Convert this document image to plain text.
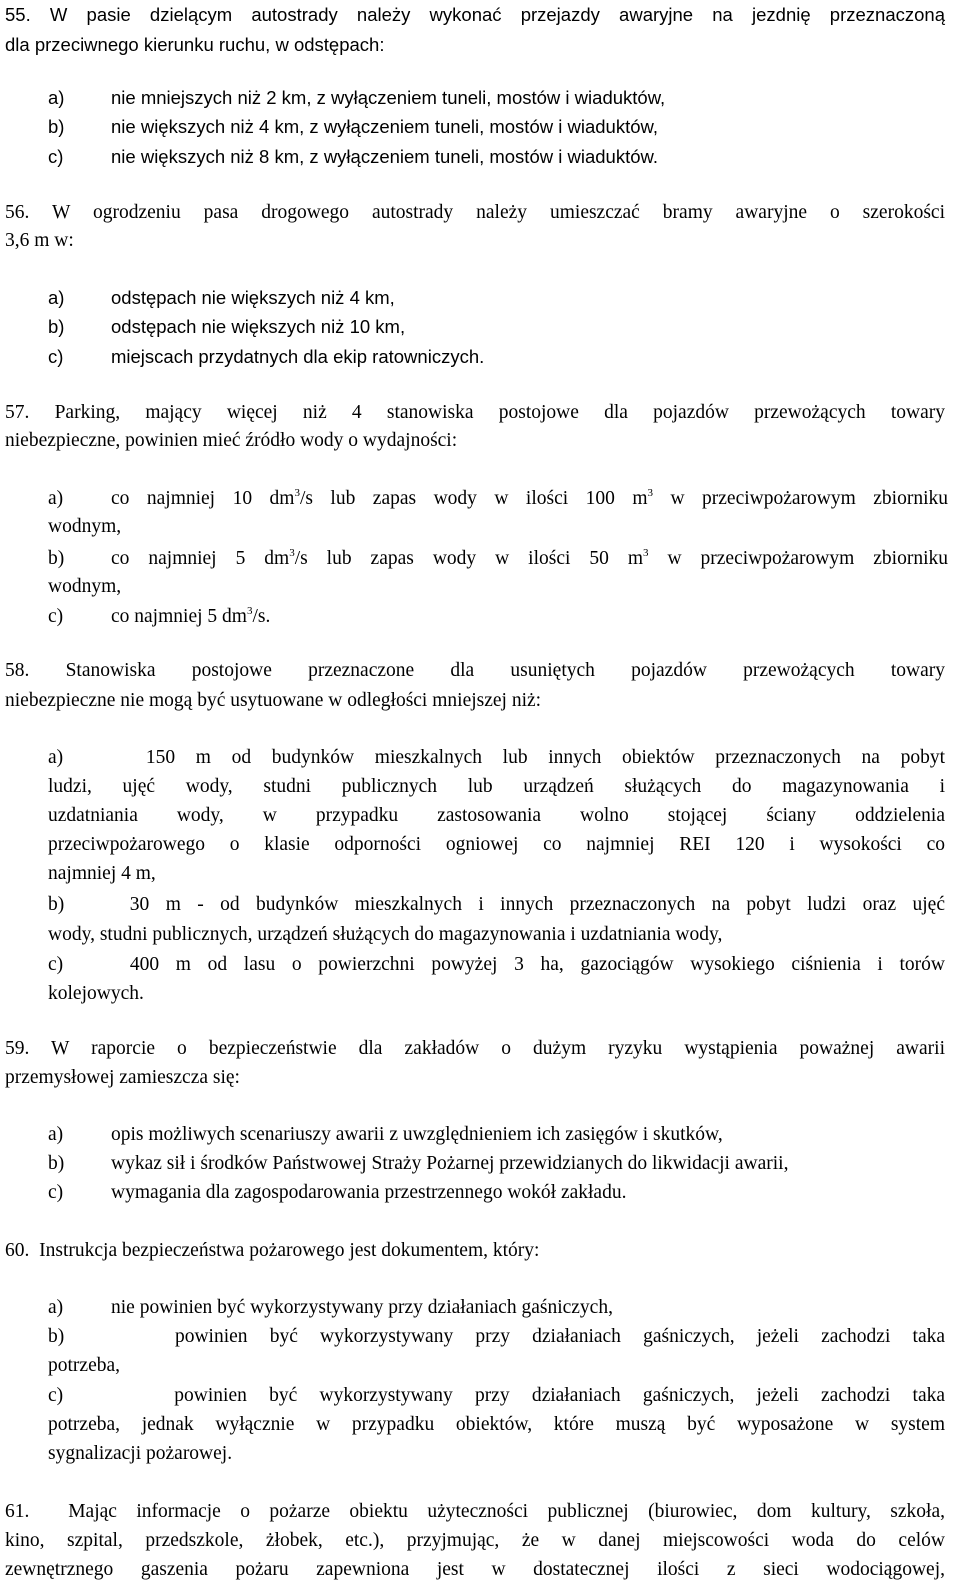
55. W pasie dzielącym autostrady należy wykonać przejazdy awaryjne na jezdnię przeznaczoną
dla przeciwnego kierunku ruchu, w odstępach:
a)	nie mniejszych niż 2 km, z wyłączeniem tuneli, mostów i wiaduktów,
b)	nie większych niż 4 km, z wyłączeniem tuneli, mostów i wiaduktów,
c)	nie większych niż 8 km, z wyłączeniem tuneli, mostów i wiaduktów.
56. W ogrodzeniu pasa drogowego autostrady należy umieszczać bramy awaryjne o szerokości
3,6 m w:
a)	odstępach nie większych niż 4 km,
b)	odstępach nie większych niż 10 km,
c)	miejscach przydatnych dla ekip ratowniczych.
57. Parking, mający więcej niż 4 stanowiska postojowe dla pojazdów przewożących towary
niebezpieczne, powinien mieć źródło wody o wydajności:
a) co najmniej 10 $dm^3/s$ lub zapas wody w ilości 100 $m^3$ w przeciwpożarowym zbiorniku
wodnym,
b) co najmniej 5 $dm^3/s$ lub zapas wody w ilości 50 $m^3$ w przeciwpożarowym zbiorniku
wodnym,
c) co najmniej 5 $dm^3/s$.
58. Stanowiska postojowe przeznaczone dla usuniętych pojazdów przewożących towary
niebezpieczne nie mogą być usytuowane w odległości mniejszej niż:
a)    150 m od budynków mieszkalnych lub innych obiektów przeznaczonych na pobyt
ludzi, ujęć wody, studni publicznych lub urządzeń służących do magazynowania i
uzdatniania wody, w przypadku zastosowania wolno stojącej ściany oddzielenia
przeciwpożarowego o klasie odporności ogniowej co najmniej REI 120 i wysokości co
najmniej 4 m,
b)    30 m - od budynków mieszkalnych i innych przeznaczonych na pobyt ludzi oraz ujęć
wody, studni publicznych, urządzeń służących do magazynowania i uzdatniania wody,
c)    400 m od lasu o powierzchni powyżej 3 ha, gazociągów wysokiego ciśnienia i torów
kolejowych.
59. W raporcie o bezpieczeństwie dla zakładów o dużym ryzyku wystąpienia poważnej awarii
przemysłowej zamieszcza się:
a) opis możliwych scenariuszy awarii z uwzględnieniem ich zasięgów i skutków,
b) wykaz sił i środków Państwowej Straży Pożarnej przewidzianych do likwidacji awarii,
c) wymagania dla zagospodarowania przestrzennego wokół zakładu.
60.  Instrukcja bezpieczeństwa pożarowego jest dokumentem, który:
a) nie powinien być wykorzystywany przy działaniach gaśniczych,
b)     powinien być wykorzystywany przy działaniach gaśniczych, jeżeli zachodzi taka
potrzeba,
c)     powinien być wykorzystywany przy działaniach gaśniczych, jeżeli zachodzi taka
potrzeba, jednak wyłącznie w przypadku obiektów, które muszą być wyposażone w system
sygnalizacji pożarowej.
61.  Mając informacje o pożarze obiektu użyteczności publicznej (biurowiec, dom kultury, szkoła,
kino, szpital, przedszkole, żłobek, etc.), przyjmując, że w danej miejscowości woda do celów
zewnętrznego gaszenia pożaru zapewniona jest w dostatecznej ilości z sieci wodociągowej,
